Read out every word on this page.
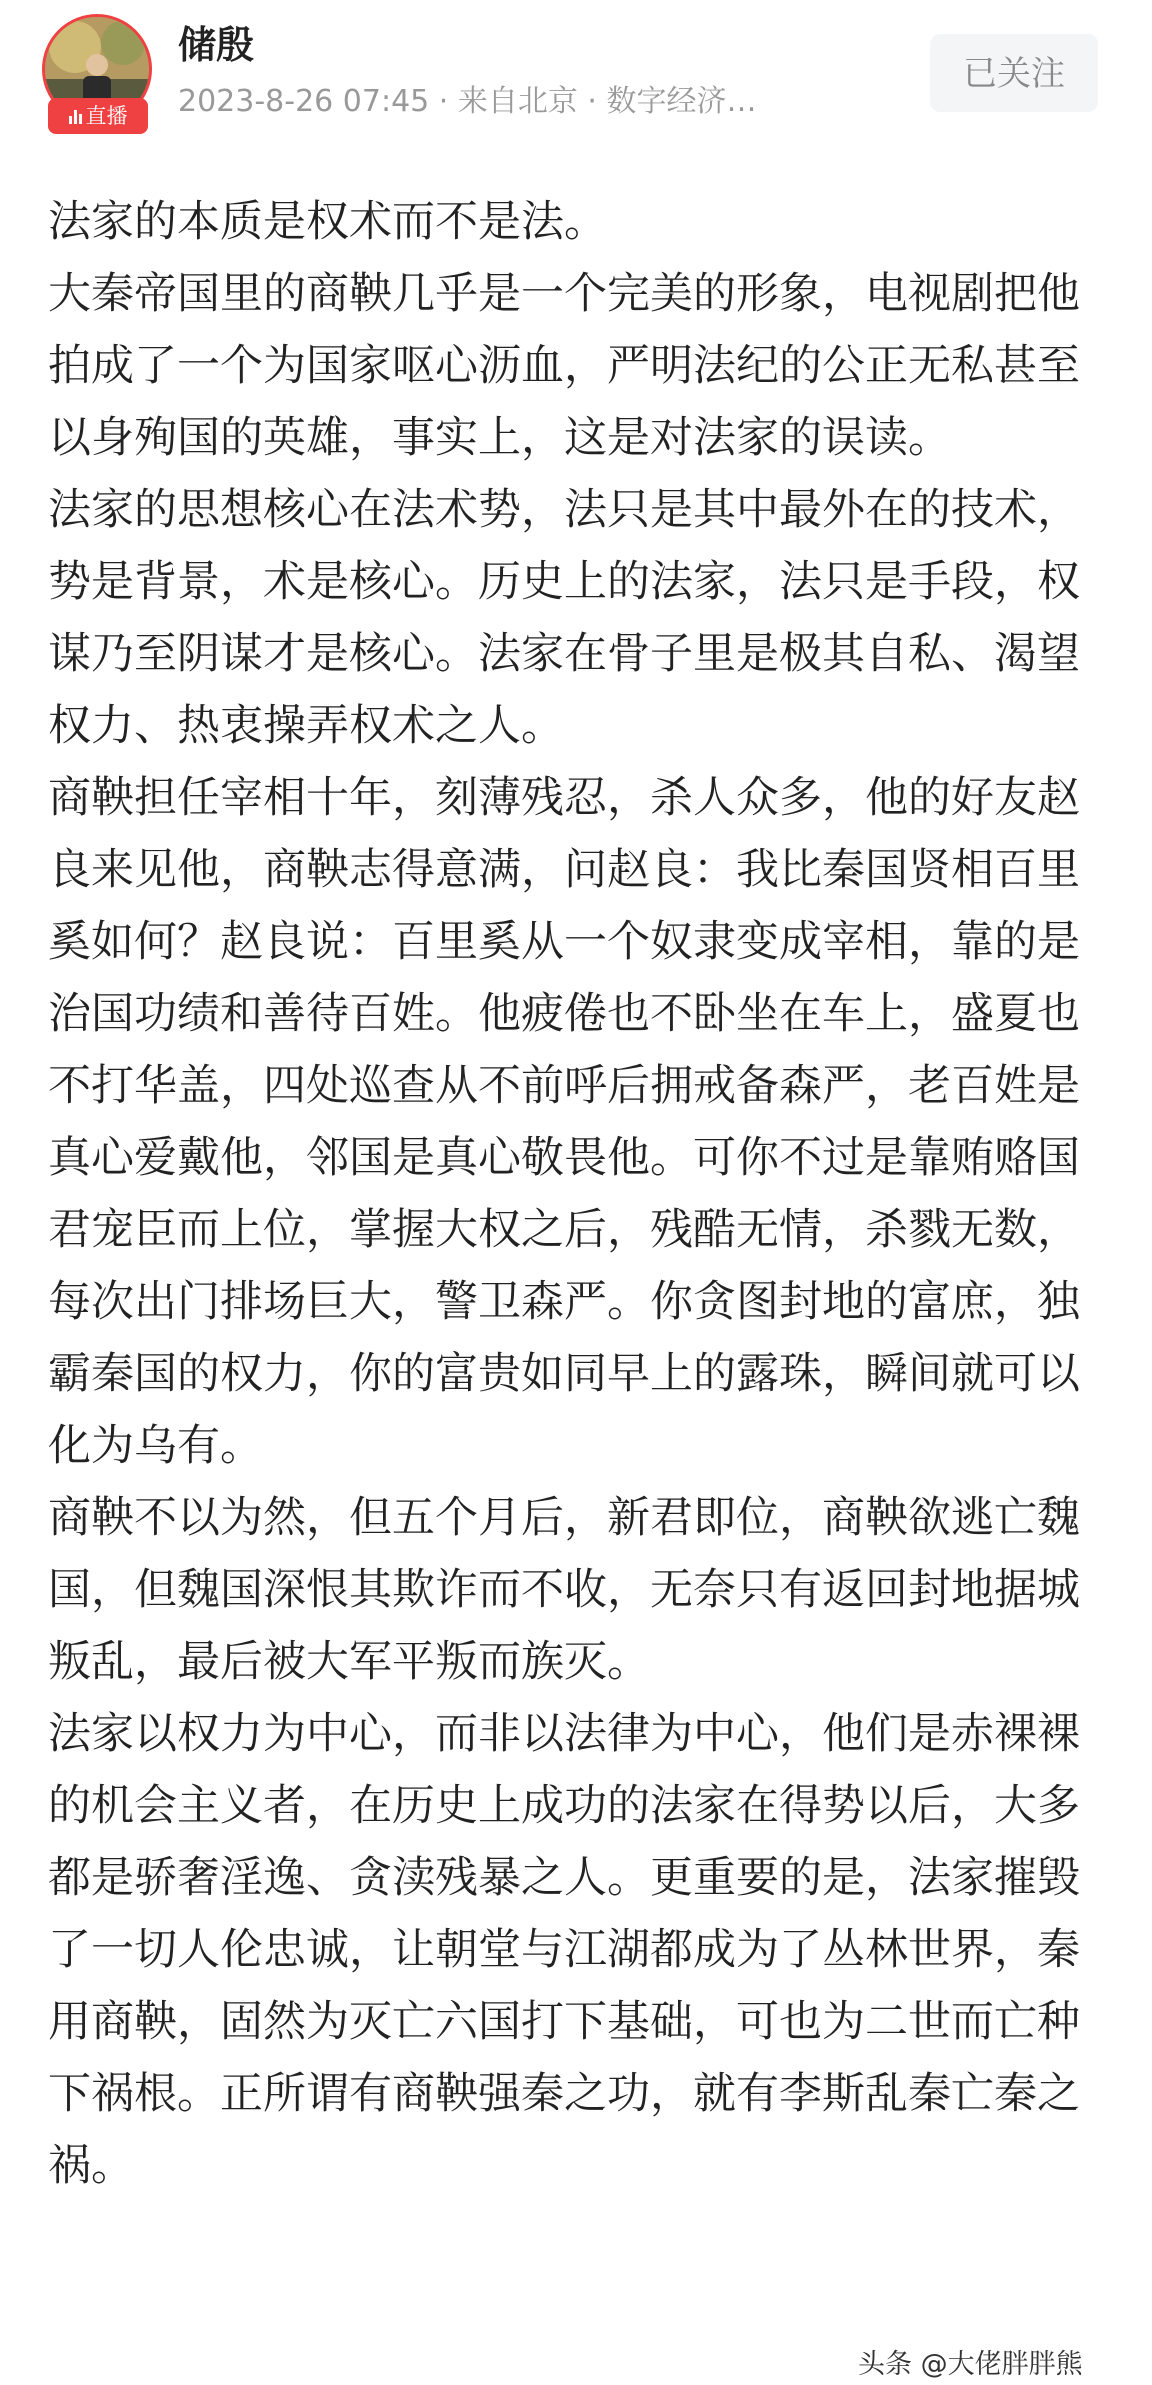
直播
储殷
2023-8-26 07:45 · 来自北京 · 数字经济…
已关注

法家的本质是权术而不是法。

大秦帝国里的商鞅几乎是一个完美的形象，电视剧把他拍成了一个为国家呕心沥血，严明法纪的公正无私甚至以身殉国的英雄，事实上，这是对法家的误读。

法家的思想核心在法术势，法只是其中最外在的技术，势是背景，术是核心。历史上的法家，法只是手段，权谋乃至阴谋才是核心。法家在骨子里是极其自私、渴望权力、热衷操弄权术之人。

商鞅担任宰相十年，刻薄残忍，杀人众多，他的好友赵良来见他，商鞅志得意满，问赵良：我比秦国贤相百里奚如何？赵良说：百里奚从一个奴隶变成宰相，靠的是治国功绩和善待百姓。他疲倦也不卧坐在车上，盛夏也不打华盖，四处巡查从不前呼后拥戒备森严，老百姓是真心爱戴他，邻国是真心敬畏他。可你不过是靠贿赂国君宠臣而上位，掌握大权之后，残酷无情，杀戮无数，每次出门排场巨大，警卫森严。你贪图封地的富庶，独霸秦国的权力，你的富贵如同早上的露珠，瞬间就可以化为乌有。

商鞅不以为然，但五个月后，新君即位，商鞅欲逃亡魏国，但魏国深恨其欺诈而不收，无奈只有返回封地据城叛乱，最后被大军平叛而族灭。

法家以权力为中心，而非以法律为中心，他们是赤裸裸的机会主义者，在历史上成功的法家在得势以后，大多都是骄奢淫逸、贪渎残暴之人。更重要的是，法家摧毁了一切人伦忠诚，让朝堂与江湖都成为了丛林世界，秦用商鞅，固然为灭亡六国打下基础，可也为二世而亡种下祸根。正所谓有商鞅强秦之功，就有李斯乱秦亡秦之祸。

头条 @大佬胖胖熊
